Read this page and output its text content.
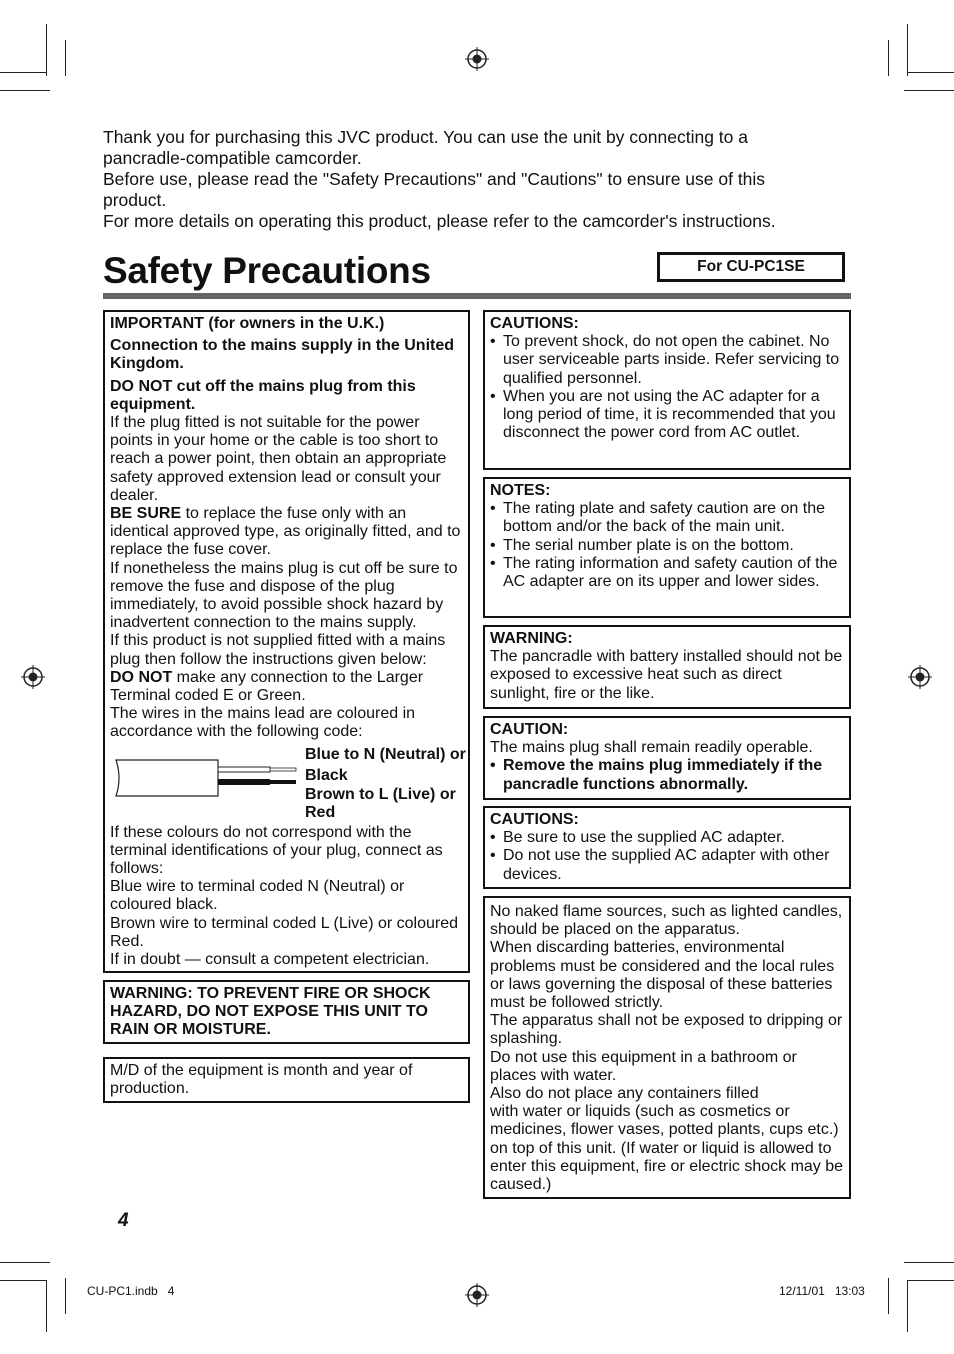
Thank you for purchasing this JVC product. You can use the unit by connecting to a pancradle-compatible camcorder.

Before use, please read the "Safety Precautions" and "Cautions" to ensure use of this product.

For more details on operating this product, please refer to the camcorder's instructions.

Safety Precautions	For CU-PC1SE

IMPORTANT (for owners in the U.K.)

Connection to the mains supply in the United Kingdom.

DO NOT cut off the mains plug from this equipment.

If the plug fitted is not suitable for the power points in your home or the cable is too short to reach a power point, then obtain an appropriate safety approved extension lead or consult your dealer.

BE SURE to replace the fuse only with an identical approved type, as originally fitted, and to replace the fuse cover.

If nonetheless the mains plug is cut off be sure to remove the fuse and dispose of the plug immediately, to avoid possible shock hazard by inadvertent connection to the mains supply.

If this product is not supplied fitted with a mains plug then follow the instructions given below:

DO NOT make any connection to the Larger Terminal coded E or Green.

The wires in the mains lead are coloured in accordance with the following code:

Blue to N (Neutral) or Black

Brown to L (Live) or Red

If these colours do not correspond with the terminal identifications of your plug, connect as follows:

Blue wire to terminal coded N (Neutral) or coloured black.

Brown wire to terminal coded L (Live) or coloured Red.

If in doubt — consult a competent electrician.

WARNING: TO PREVENT FIRE OR SHOCK HAZARD, DO NOT EXPOSE THIS UNIT TO RAIN OR MOISTURE.

M/D of the equipment is month and year of production.

CAUTIONS:

• To prevent shock, do not open the cabinet. No user serviceable parts inside. Refer servicing to qualified personnel.
• When you are not using the AC adapter for a long period of time, it is recommended that you disconnect the power cord from AC outlet.

NOTES:

• The rating plate and safety caution are on the bottom and/or the back of the main unit.
• The serial number plate is on the bottom.
• The rating information and safety caution of the AC adapter are on its upper and lower sides.

WARNING:

The pancradle with battery installed should not be exposed to excessive heat such as direct sunlight, fire or the like.

CAUTION:

The mains plug shall remain readily operable.

• Remove the mains plug immediately if the pancradle functions abnormally.

CAUTIONS:

• Be sure to use the supplied AC adapter.
• Do not use the supplied AC adapter with other devices.

No naked flame sources, such as lighted candles, should be placed on the apparatus.

When discarding batteries, environmental problems must be considered and the local rules or laws governing the disposal of these batteries must be followed strictly.

The apparatus shall not be exposed to dripping or splashing.

Do not use this equipment in a bathroom or places with water.

Also do not place any containers filled

with water or liquids (such as cosmetics or medicines, flower vases, potted plants, cups etc.) on top of this unit. (If water or liquid is allowed to enter this equipment, fire or electric shock may be caused.)

4
CU-PC1.indb   4	12/11/01   13:03
